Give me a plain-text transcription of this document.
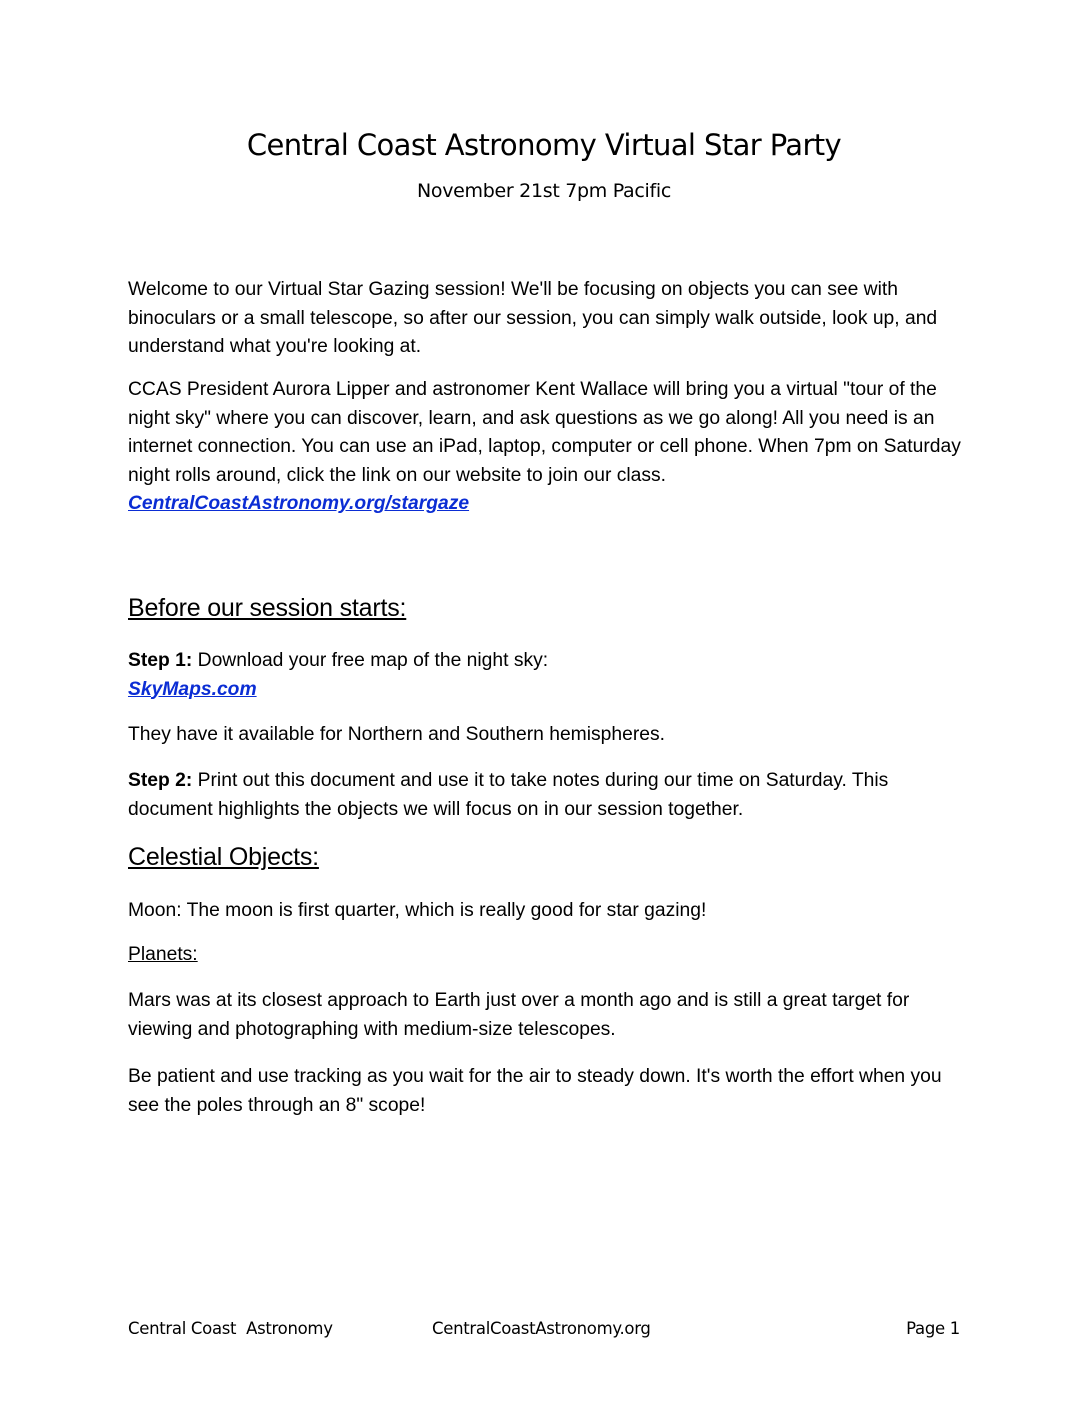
Central Coast Astronomy Virtual Star Party
November 21st 7pm Pacific

Welcome to our Virtual Star Gazing session! We'll be focusing on objects you can see with binoculars or a small telescope, so after our session, you can simply walk outside, look up, and understand what you're looking at.

CCAS President Aurora Lipper and astronomer Kent Wallace will bring you a virtual "tour of the night sky" where you can discover, learn, and ask questions as we go along! All you need is an internet connection. You can use an iPad, laptop, computer or cell phone. When 7pm on Saturday night rolls around, click the link on our website to join our class. CentralCoastAstronomy.org/stargaze

Before our session starts:

Step 1: Download your free map of the night sky:
SkyMaps.com

They have it available for Northern and Southern hemispheres.

Step 2: Print out this document and use it to take notes during our time on Saturday. This document highlights the objects we will focus on in our session together.

Celestial Objects:

Moon: The moon is first quarter, which is really good for star gazing!

Planets:

Mars was at its closest approach to Earth just over a month ago and is still a great target for viewing and photographing with medium-size telescopes.

Be patient and use tracking as you wait for the air to steady down. It's worth the effort when you see the poles through an 8" scope!

Central Coast  Astronomy	CentralCoastAstronomy.org	Page 1
